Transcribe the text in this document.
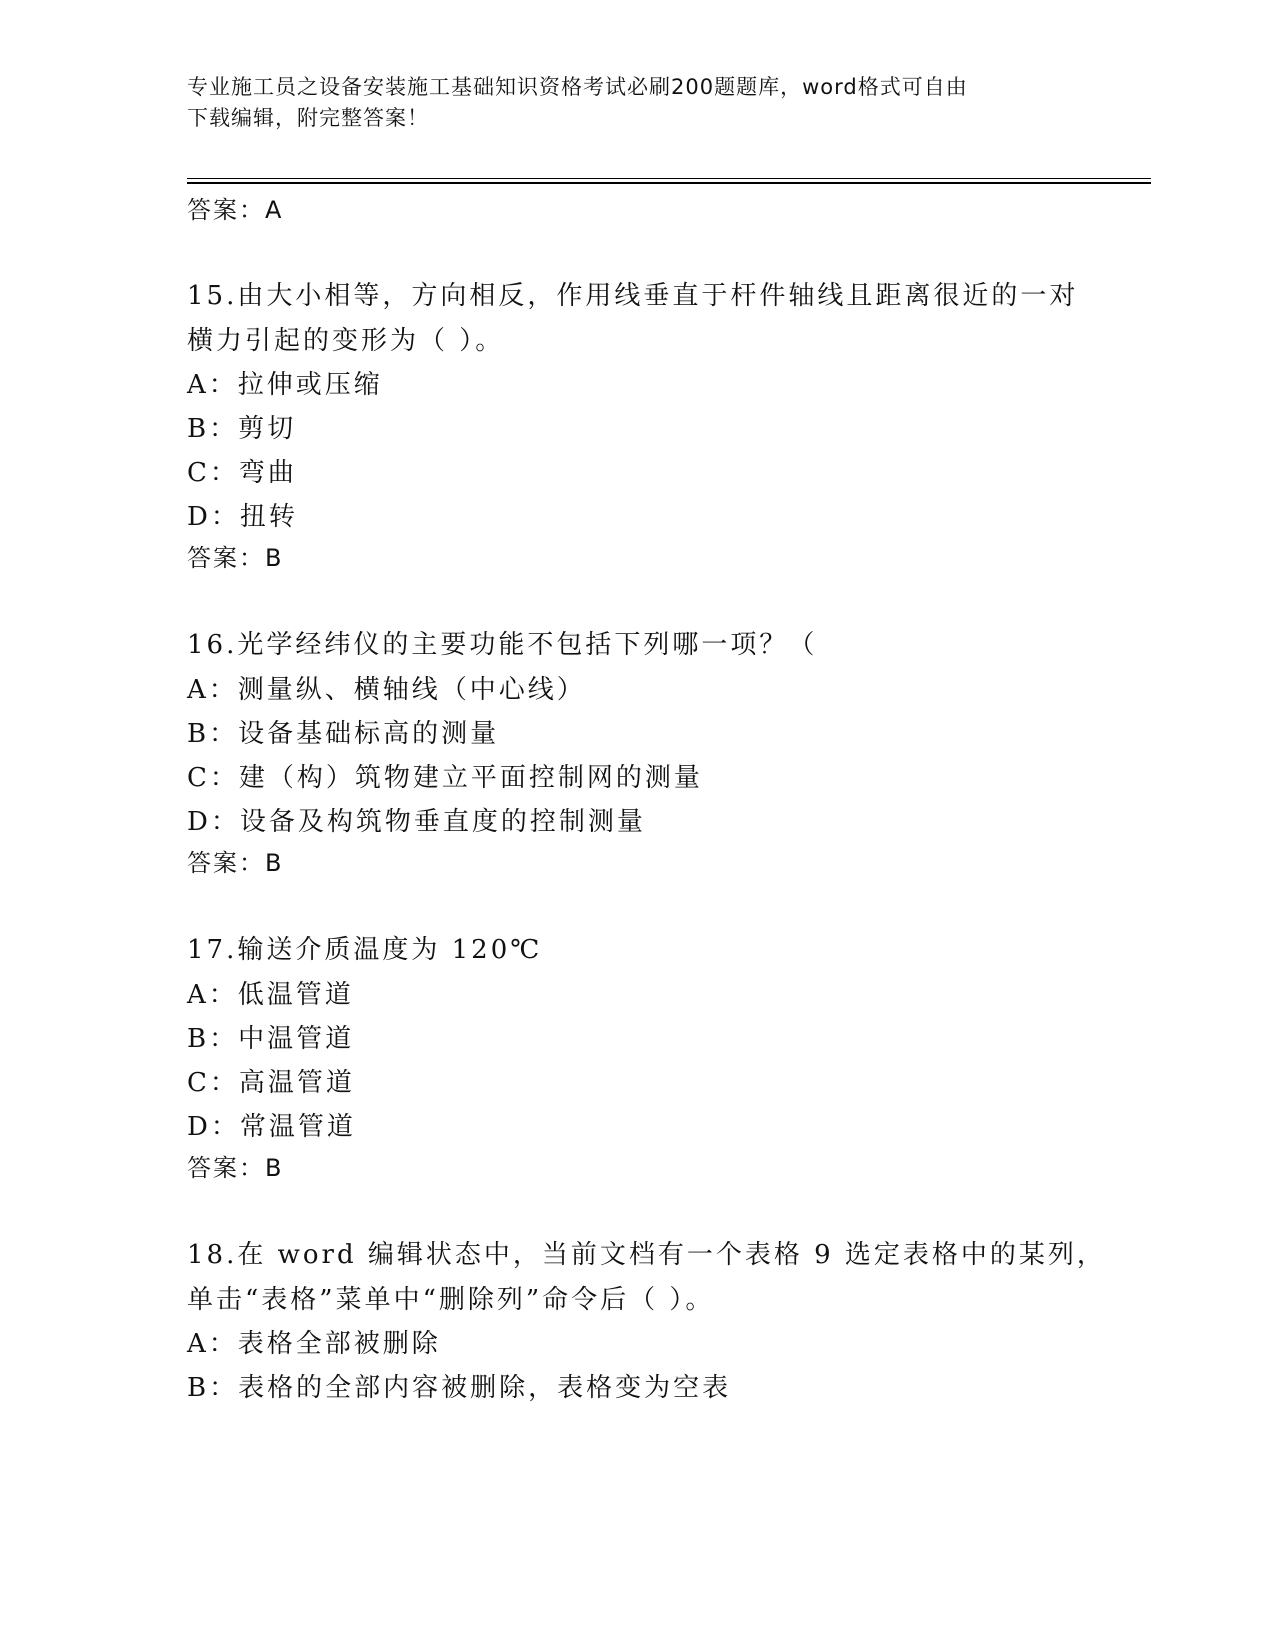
专业施工员之设备安装施工基础知识资格考试必刷200题题库，word格式可自由
下载编辑，附完整答案！
答案：A
15.由大小相等，方向相反，作用线垂直于杆件轴线且距离很近的一对
横力引起的变形为（ ）。
A：拉伸或压缩
B：剪切
C：弯曲
D：扭转
答案：B
16.光学经纬仪的主要功能不包括下列哪一项？（
A：测量纵、横轴线（中心线）
B：设备基础标高的测量
C：建（构）筑物建立平面控制网的测量
D：设备及构筑物垂直度的控制测量
答案：B
17.输送介质温度为 120℃
A：低温管道
B：中温管道
C：高温管道
D：常温管道
答案：B
18.在 word 编辑状态中，当前文档有一个表格 9 选定表格中的某列，
单击“表格”菜单中“删除列”命令后（ ）。
A：表格全部被删除
B：表格的全部内容被删除，表格变为空表
